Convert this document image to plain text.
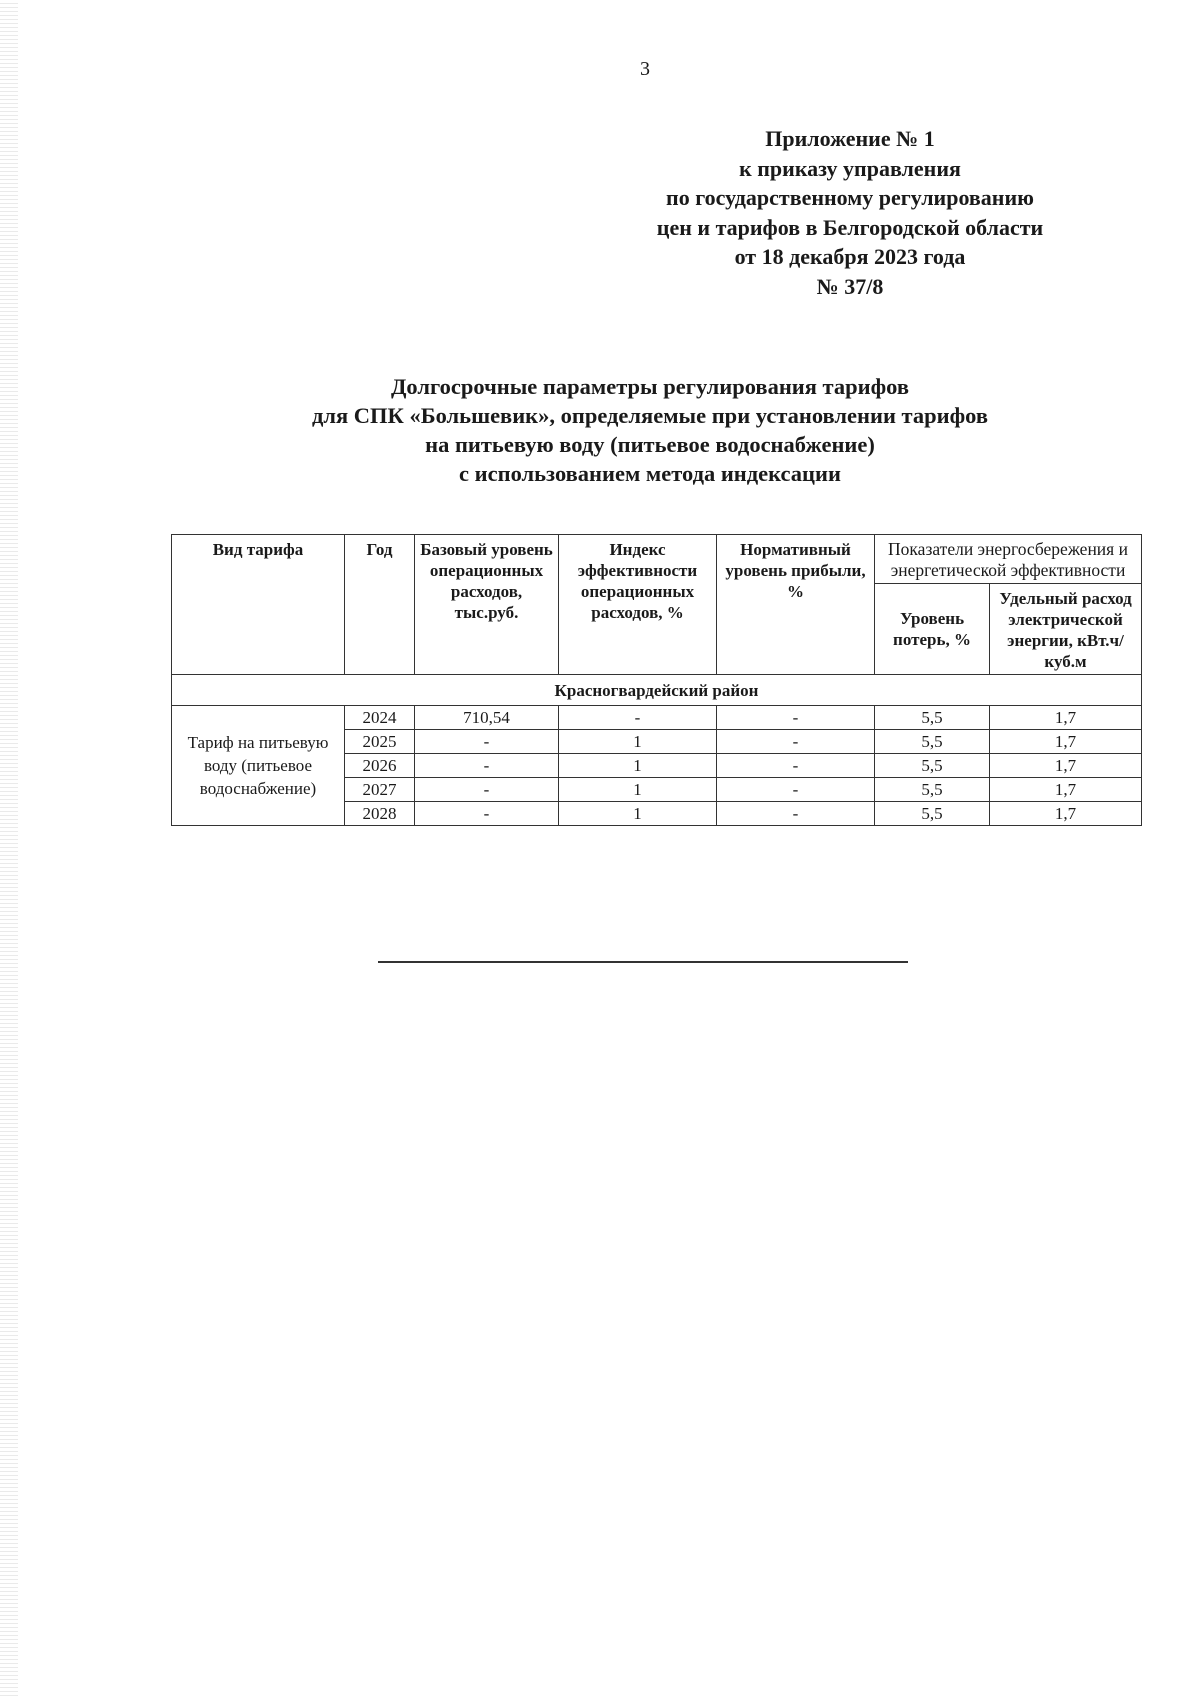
3
Приложение № 1
к приказу управления
по государственному регулированию
цен и тарифов в Белгородской области
от 18 декабря 2023 года
№ 37/8
Долгосрочные параметры регулирования тарифов
для СПК «Большевик», определяемые при установлении тарифов
на питьевую воду (питьевое водоснабжение)
с использованием метода индексации
Вид тарифа	Год	Базовый уровень операционных расходов, тыс.руб.	Индекс эффективности операционных расходов, %	Нормативный уровень прибыли, %	Показатели энергосбережения и энергетической эффективности	
					Уровень потерь, %	Удельный расход электрической энергии, кВт.ч/куб.м
Красногвардейский район						
Тариф на питьевую воду (питьевое водоснабжение)	2024	710,54	-	-	5,5	1,7
	2025	-	1	-	5,5	1,7
	2026	-	1	-	5,5	1,7
	2027	-	1	-	5,5	1,7
	2028	-	1	-	5,5	1,7
